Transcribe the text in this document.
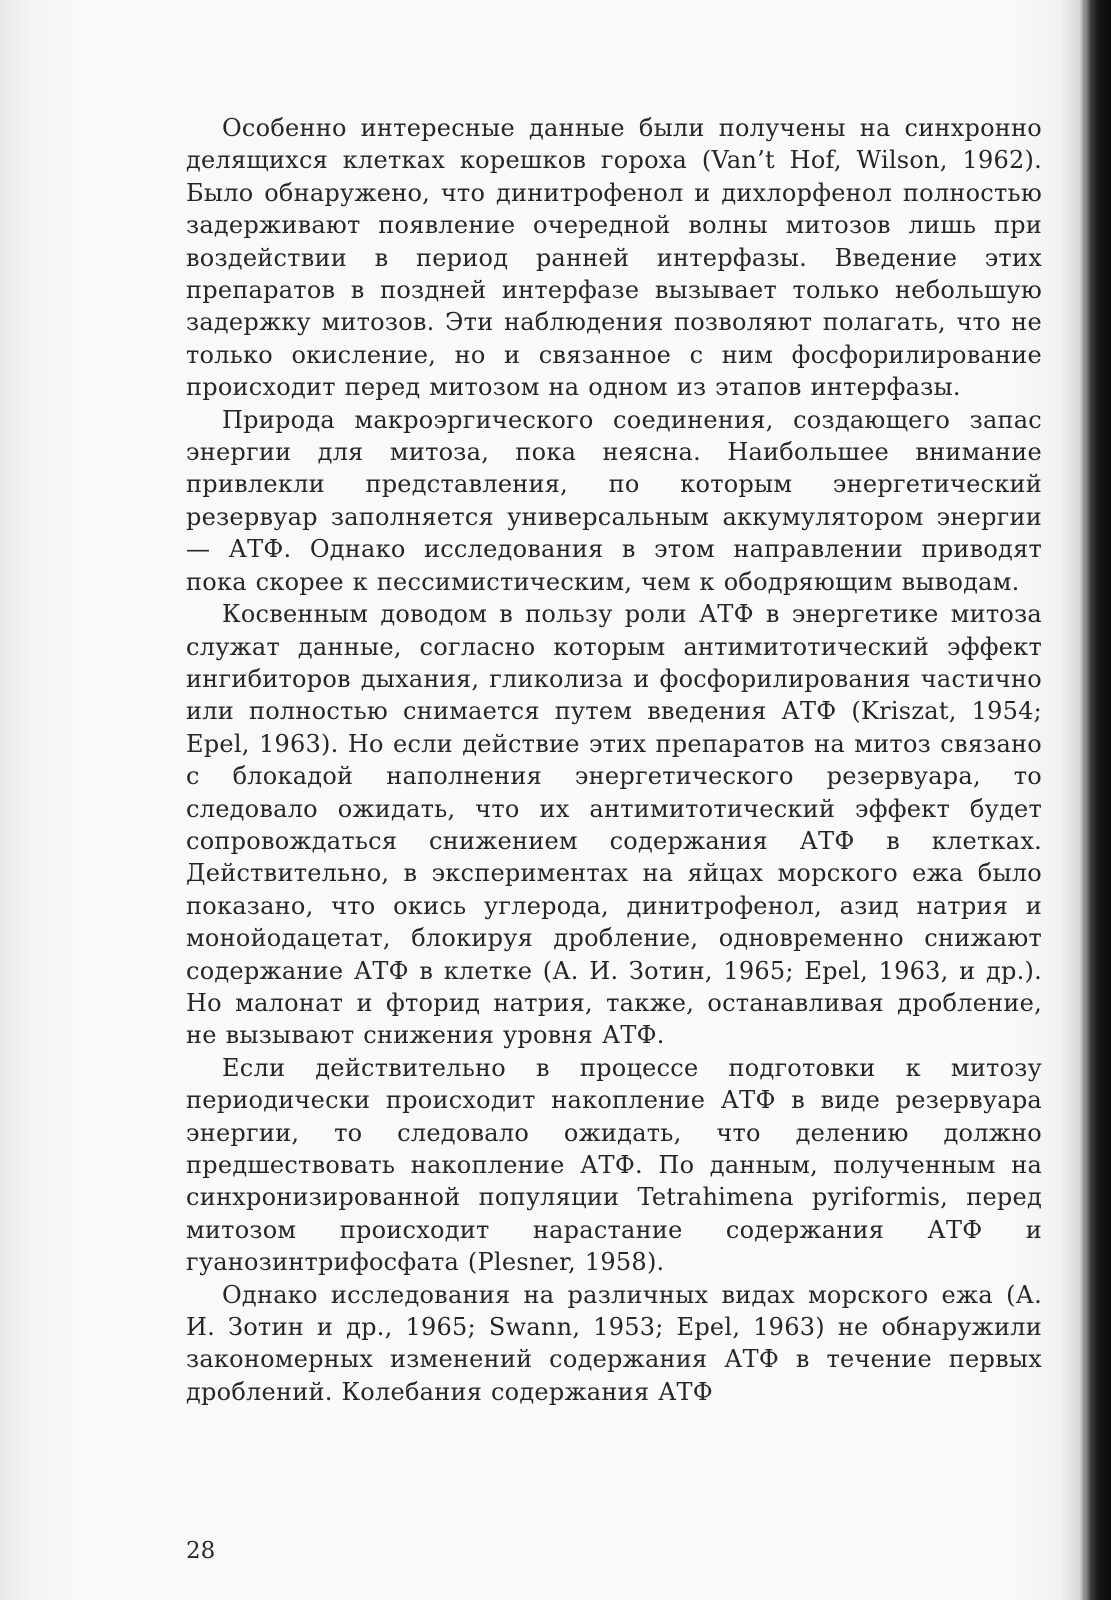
Особенно интересные данные были получены на синхронно делящихся клетках корешков гороха (Van’t Hof, Wilson, 1962). Было обнаружено, что динитрофенол и дихлорфенол полностью задерживают появление очередной волны митозов лишь при воздействии в период ранней интерфазы. Введение этих препаратов в поздней интерфазе вызывает только небольшую задержку митозов. Эти наблюдения позволяют полагать, что не только окисление, но и связанное с ним фосфорилирование происходит перед митозом на одном из этапов интерфазы.

Природа макроэргического соединения, создающего запас энергии для митоза, пока неясна. Наибольшее внимание привлекли представления, по которым энергетический резервуар заполняется универсальным аккумулятором энергии — АТФ. Однако исследования в этом направлении приводят пока скорее к пессимистическим, чем к ободряющим выводам.

Косвенным доводом в пользу роли АТФ в энергетике митоза служат данные, согласно которым антимитотический эффект ингибиторов дыхания, гликолиза и фосфорилирования частично или полностью снимается путем введения АТФ (Kriszat, 1954; Epel, 1963). Но если действие этих препаратов на митоз связано с блокадой наполнения энергетического резервуара, то следовало ожидать, что их антимитотический эффект будет сопровождаться снижением содержания АТФ в клетках. Действительно, в экспериментах на яйцах морского ежа было показано, что окись углерода, динитрофенол, азид натрия и монойодацетат, блокируя дробление, одновременно снижают содержание АТФ в клетке (А. И. Зотин, 1965; Epel, 1963, и др.). Но малонат и фторид натрия, также, останавливая дробление, не вызывают снижения уровня АТФ.

Если действительно в процессе подготовки к митозу периодически происходит накопление АТФ в виде резервуара энергии, то следовало ожидать, что делению должно предшествовать накопление АТФ. По данным, полученным на синхронизированной популяции Tetrahimena pyriformis, перед митозом происходит нарастание содержания АТФ и гуанозинтрифосфата (Plesner, 1958).

Однако исследования на различных видах морского ежа (А. И. Зотин и др., 1965; Swann, 1953; Epel, 1963) не обнаружили закономерных изменений содержания АТФ в течение первых дроблений. Колебания содержания АТФ

28
